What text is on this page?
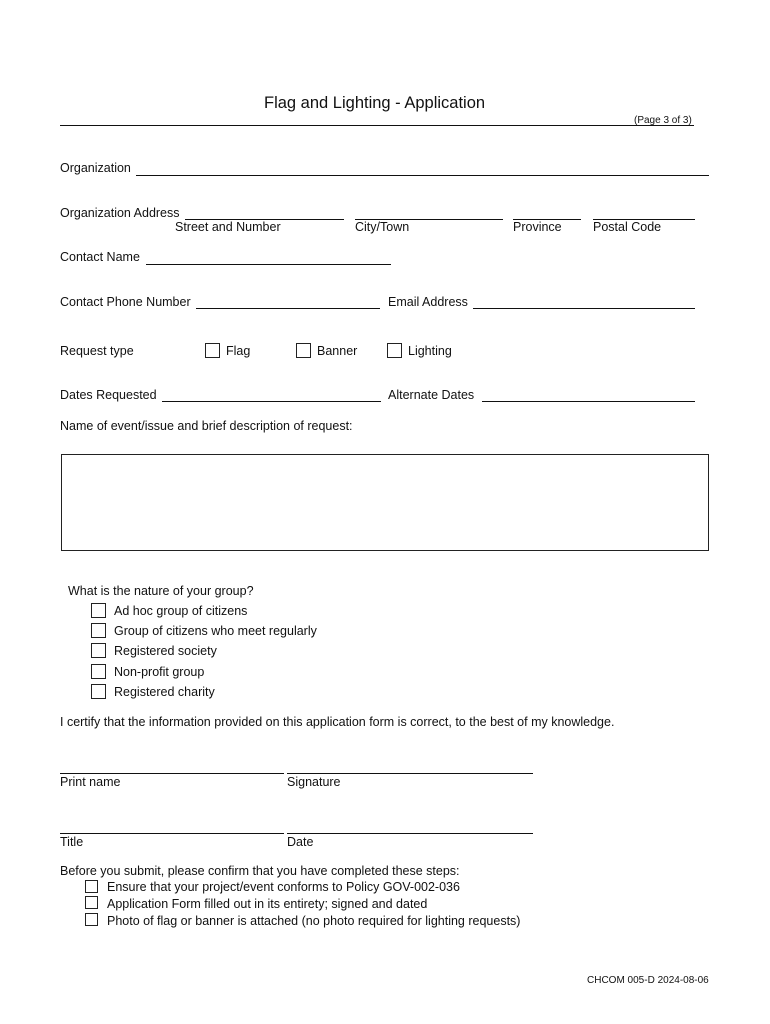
Flag and Lighting - Application
(Page 3 of 3)
Organization
Organization Address
Street and Number	City/Town	Province	Postal Code
Contact Name
Contact Phone Number	Email Address
Request type	Flag	Banner	Lighting
Dates Requested	Alternate Dates
Name of event/issue and brief description of request:
What is the nature of your group?
Ad hoc group of citizens
Group of citizens who meet regularly
Registered society
Non-profit group
Registered charity
I certify that the information provided on this application form is correct, to the best of my knowledge.
Print name	Signature
Title	Date
Before you submit, please confirm that you have completed these steps:
Ensure that your project/event conforms to Policy GOV-002-036
Application Form filled out in its entirety; signed and dated
Photo of flag or banner is attached (no photo required for lighting requests)
CHCOM 005-D 2024-08-06
